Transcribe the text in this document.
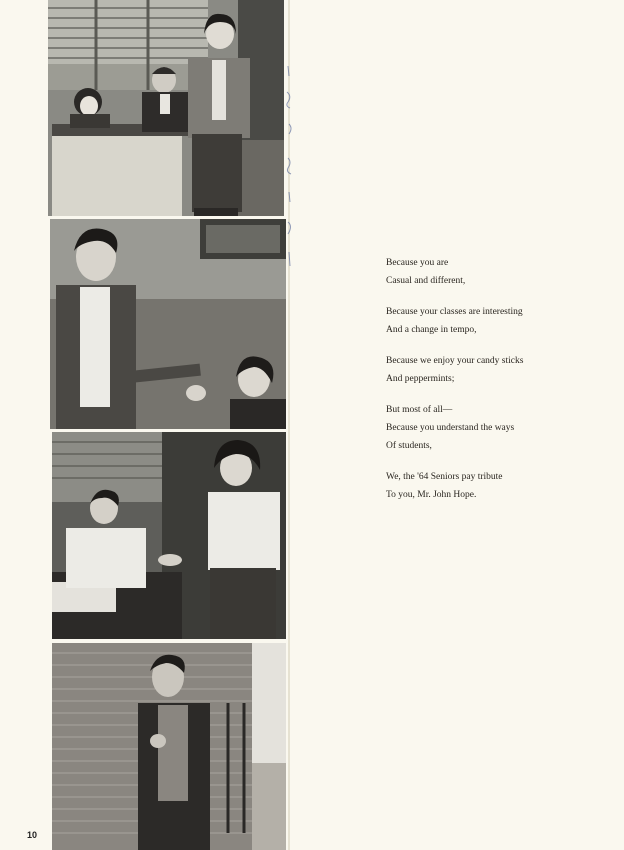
Because you are
Casual and different,
Because your classes are interesting
And a change in tempo,
Because we enjoy your candy sticks
And peppermints;
But most of all—
Because you understand the ways
Of students,
We, the '64 Seniors pay tribute
To you, Mr. John Hope.
10
